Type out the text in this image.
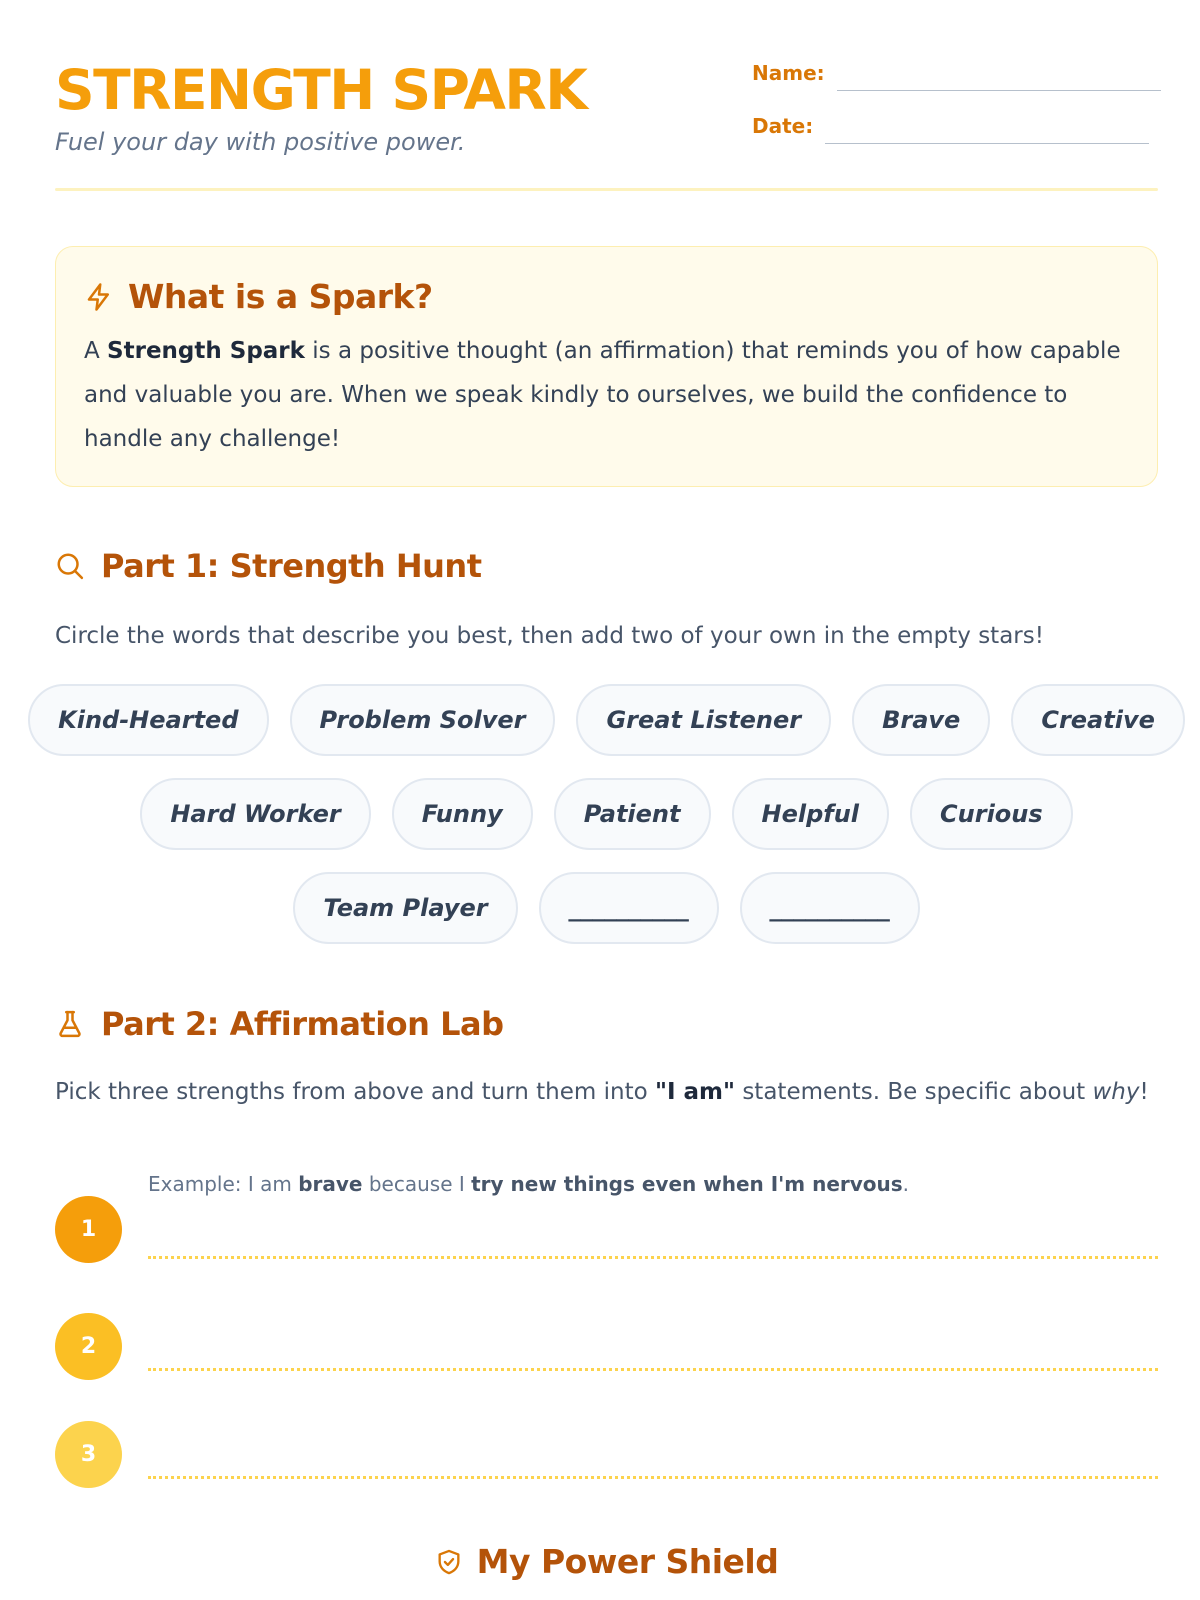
STRENGTH SPARK
Fuel your day with positive power.
Name:
Date:
What is a Spark?
A Strength Spark is a positive thought (an affirmation) that reminds you of how capable and valuable you are. When we speak kindly to ourselves, we build the confidence to handle any challenge!
Part 1: Strength Hunt
Circle the words that describe you best, then add two of your own in the empty stars!
Kind-Hearted	Problem Solver	Great Listener	Brave	Creative
Hard Worker	Funny	Patient	Helpful	Curious
Team Player	__________	__________
Part 2: Affirmation Lab
Pick three strengths from above and turn them into "I am" statements. Be specific about why!
1
Example: I am brave because I try new things even when I'm nervous.
2
3
My Power Shield
